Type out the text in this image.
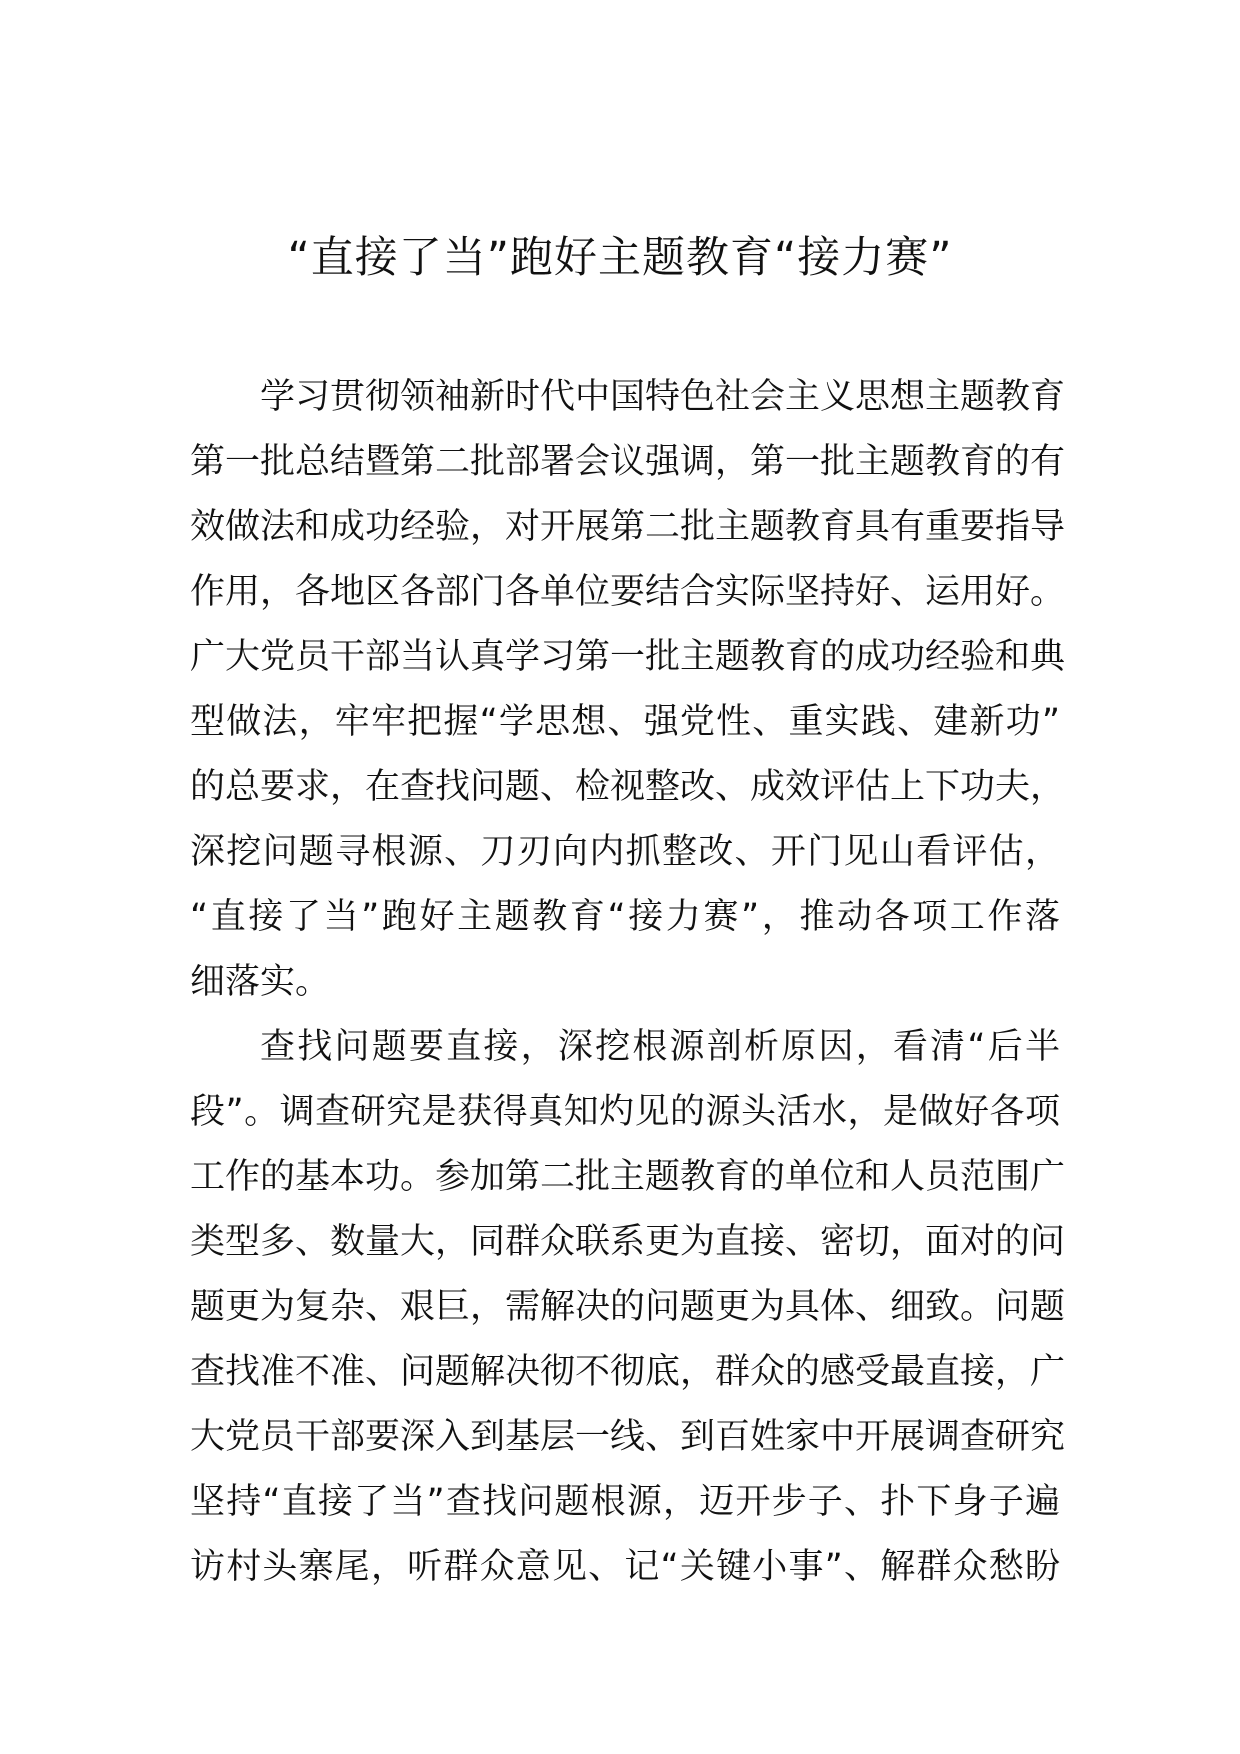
“直接了当”跑好主题教育“接力赛”
学习贯彻领袖新时代中国特色社会主义思想主题教育
第一批总结暨第二批部署会议强调，第一批主题教育的有
效做法和成功经验，对开展第二批主题教育具有重要指导
作用，各地区各部门各单位要结合实际坚持好、运用好。
广大党员干部当认真学习第一批主题教育的成功经验和典
型做法，牢牢把握“学思想、强党性、重实践、建新功”
的总要求，在查找问题、检视整改、成效评估上下功夫，
深挖问题寻根源、刀刃向内抓整改、开门见山看评估，
“直接了当”跑好主题教育“接力赛”，推动各项工作落
细落实。
查找问题要直接，深挖根源剖析原因，看清“后半
段”。调查研究是获得真知灼见的源头活水，是做好各项
工作的基本功。参加第二批主题教育的单位和人员范围广
类型多、数量大，同群众联系更为直接、密切，面对的问
题更为复杂、艰巨，需解决的问题更为具体、细致。问题
查找准不准、问题解决彻不彻底，群众的感受最直接，广
大党员干部要深入到基层一线、到百姓家中开展调查研究
坚持“直接了当”查找问题根源，迈开步子、扑下身子遍
访村头寨尾，听群众意见、记“关键小事”、解群众愁盼
